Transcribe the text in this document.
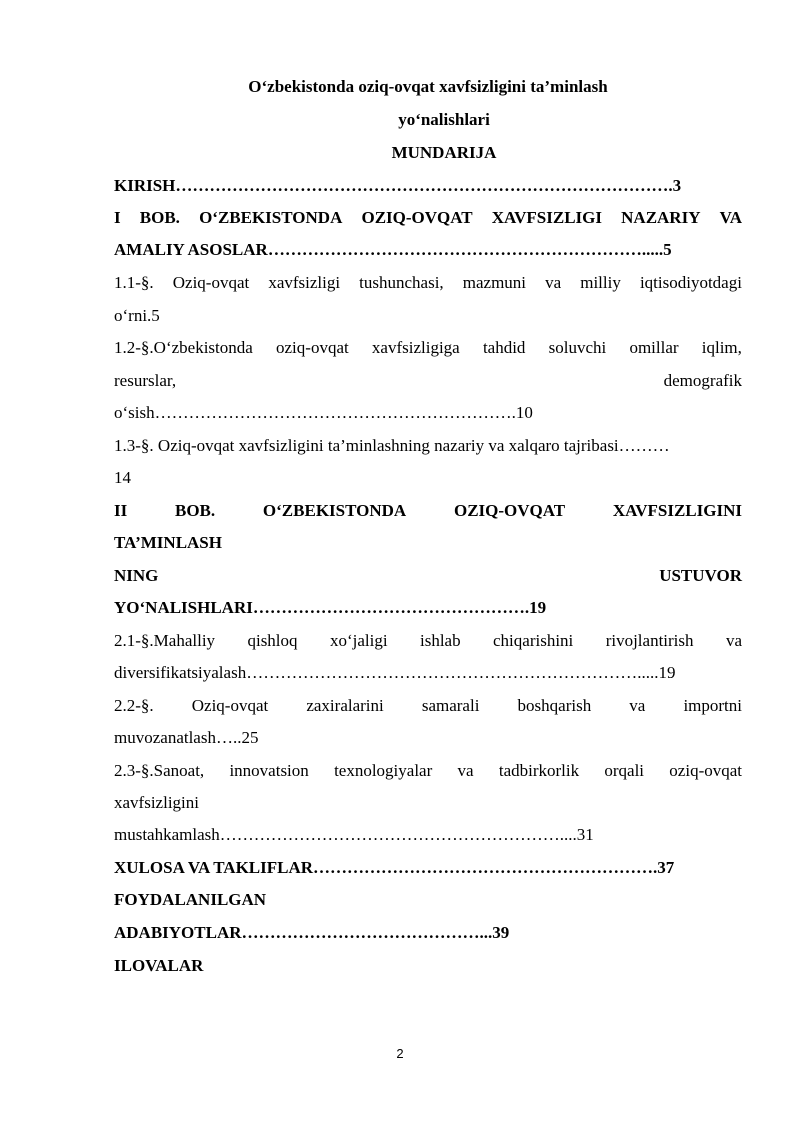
O‘zbekistonda oziq-ovqat xavfsizligini ta’minlash
yo‘nalishlari
MUNDARIJA
KIRISH…………………………………………………………………………….3
I BOB. O‘ZBEKISTONDA OZIQ-OVQAT XAVFSIZLIGI NAZARIY VA
AMALIY ASOSLAR………………………………………………………….....5
1.1-§. Oziq-ovqat xavfsizligi tushunchasi, mazmuni va milliy iqtisodiyotdagi
o‘rni.5
1.2-§.O‘zbekistonda oziq-ovqat xavfsizligiga tahdid soluvchi omillar iqlim,
resurslar,	demografik
o‘sish……………………………………………………….10
1.3-§. Oziq-ovqat xavfsizligini ta’minlashning nazariy va xalqaro tajribasi………
14
II	BOB.	O‘ZBEKISTONDA	OZIQ-OVQAT	XAVFSIZLIGINI
TA’MINLASH
NING	USTUVOR
YO‘NALISHLARI………………………………………….19
2.1-§.Mahalliy qishloq xo‘jaligi ishlab chiqarishini rivojlantirish va
diversifikatsiyalash…………………………………………………………….....19
2.2-§. Oziq-ovqat zaxiralarini samarali boshqarish va importni
muvozanatlash…..25
2.3-§.Sanoat, innovatsion texnologiyalar va tadbirkorlik orqali oziq-ovqat
xavfsizligini
mustahkamlash……………………………………………………....31
XULOSA VA TAKLIFLAR…………………………………………………….37
FOYDALANILGAN
ADABIYOTLAR……………………………………...39
ILOVALAR
2
